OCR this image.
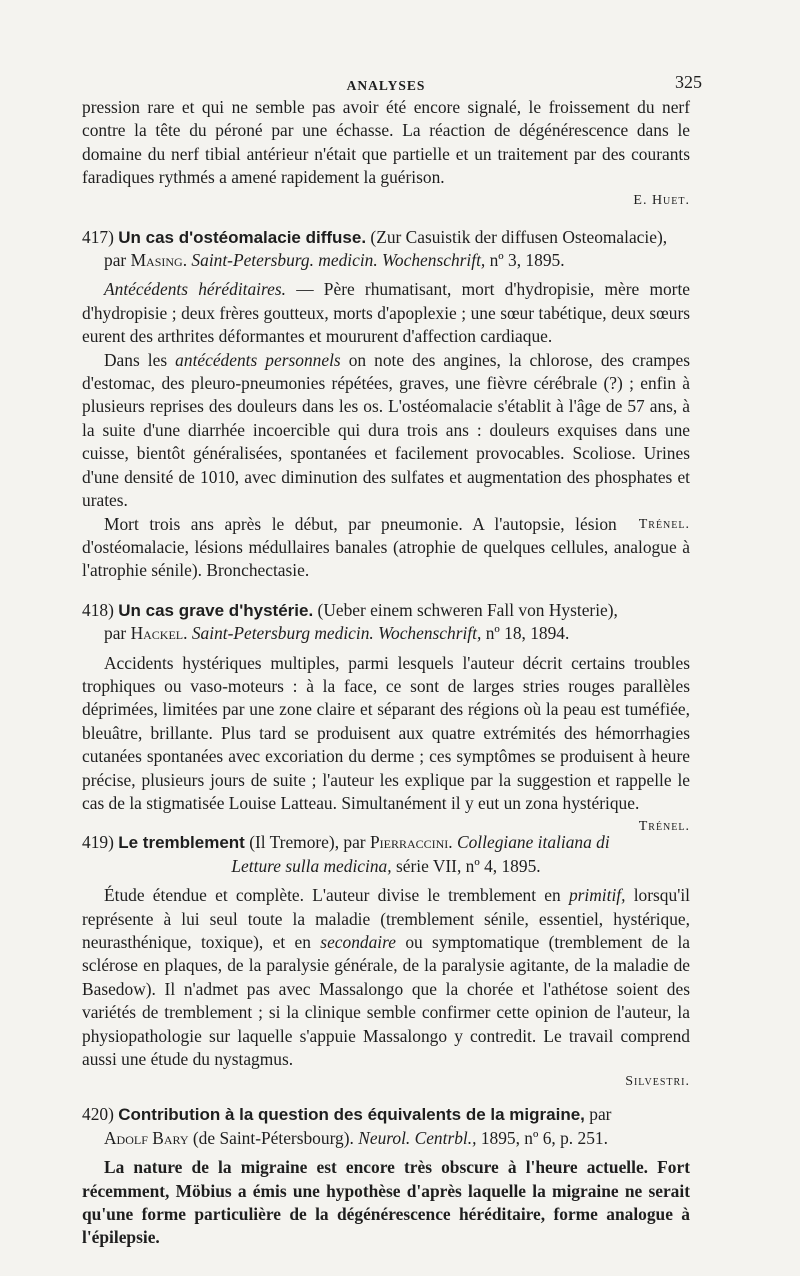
ANALYSES	325

pression rare et qui ne semble pas avoir été encore signalé, le froissement du nerf contre la tête du péroné par une échasse. La réaction de dégénérescence dans le domaine du nerf tibial antérieur n'était que partielle et un traitement par des courants faradiques rythmés a amené rapidement la guérison.

E. Huet.
417) Un cas d'ostéomalacie diffuse. (Zur Casuistik der diffusen Osteomalacie),
par Masing. Saint-Petersburg. medicin. Wochenschrift, nº 3, 1895.

Antécédents héréditaires. — Père rhumatisant, mort d'hydropisie, mère morte d'hydropisie ; deux frères goutteux, morts d'apoplexie ; une sœur tabétique, deux sœurs eurent des arthrites déformantes et moururent d'affection cardiaque.

Dans les antécédents personnels on note des angines, la chlorose, des crampes d'estomac, des pleuro-pneumonies répétées, graves, une fièvre cérébrale (?) ; enfin à plusieurs reprises des douleurs dans les os. L'ostéomalacie s'établit à l'âge de 57 ans, à la suite d'une diarrhée incoercible qui dura trois ans : douleurs exquises dans une cuisse, bientôt généralisées, spontanées et facilement provocables. Scoliose. Urines d'une densité de 1010, avec diminution des sulfates et augmentation des phosphates et urates.

Trénel.
Mort trois ans après le début, par pneumonie. A l'autopsie, lésion d'ostéomalacie, lésions médullaires banales (atrophie de quelques cellules, analogue à l'atrophie sénile). Bronchectasie.

418) Un cas grave d'hystérie. (Ueber einem schweren Fall von Hysterie),
par Hackel. Saint-Petersburg medicin. Wochenschrift, nº 18, 1894.

Accidents hystériques multiples, parmi lesquels l'auteur décrit certains troubles trophiques ou vaso-moteurs : à la face, ce sont de larges stries rouges parallèles déprimées, limitées par une zone claire et séparant des régions où la peau est tuméfiée, bleuâtre, brillante. Plus tard se produisent aux quatre extrémités des hémorrhagies cutanées spontanées avec excoriation du derme ; ces symptômes se produisent à heure précise, plusieurs jours de suite ; l'auteur les explique par la suggestion et rappelle le cas de la stigmatisée Louise Latteau. Simultanément il y eut un zona hystérique.
Trénel.

419) Le tremblement (Il Tremore), par Pierraccini. Collegiane italiana di
Letture sulla medicina, série VII, nº 4, 1895.

Étude étendue et complète. L'auteur divise le tremblement en primitif, lorsqu'il représente à lui seul toute la maladie (tremblement sénile, essentiel, hystérique, neurasthénique, toxique), et en secondaire ou symptomatique (tremblement de la sclérose en plaques, de la paralysie générale, de la paralysie agitante, de la maladie de Basedow). Il n'admet pas avec Massalongo que la chorée et l'athétose soient des variétés de tremblement ; si la clinique semble confirmer cette opinion de l'auteur, la physiopathologie sur laquelle s'appuie Massalongo y contredit. Le travail comprend aussi une étude du nystagmus.

Silvestri.
420) Contribution à la question des équivalents de la migraine, par
Adolf Bary (de Saint-Pétersbourg). Neurol. Centrbl., 1895, nº 6, p. 251.

La nature de la migraine est encore très obscure à l'heure actuelle. Fort récemment, Möbius a émis une hypothèse d'après laquelle la migraine ne serait qu'une forme particulière de la dégénérescence héréditaire, forme analogue à l'épilepsie.
